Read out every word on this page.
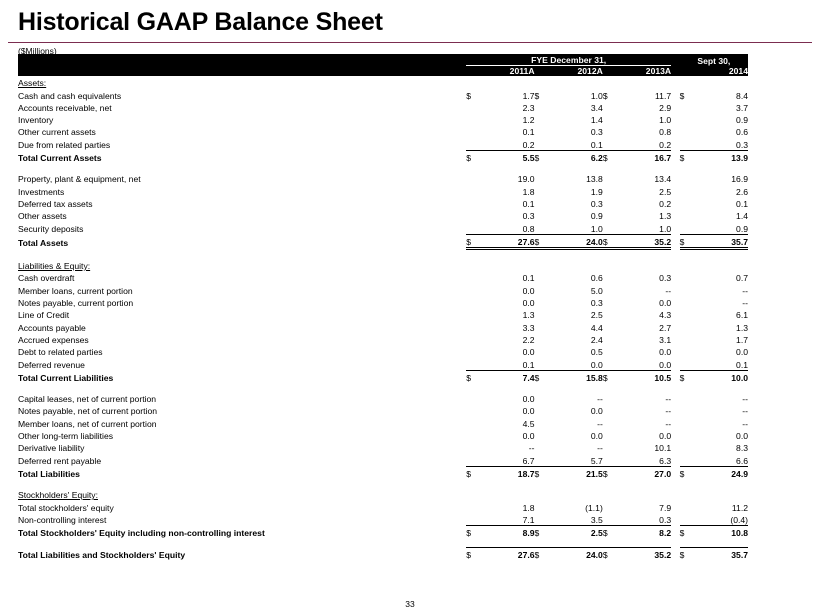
Historical GAAP Balance Sheet
($Millions)
	FYE December 31,							Sept 30,	
	2011A		2012A		2013A			2014	
Assets:									
Cash and cash equivalents	$	1.7	$	1.0	$	11.7		$	8.4
Accounts receivable, net		2.3		3.4		2.9			3.7
Inventory		1.2		1.4		1.0			0.9
Other current assets		0.1		0.3		0.8			0.6
Due from related parties		0.2		0.1		0.2			0.3
Total Current Assets	$	5.5	$	6.2	$	16.7		$	13.9

Property, plant & equipment, net		19.0		13.8		13.4			16.9
Investments		1.8		1.9		2.5			2.6
Deferred tax assets		0.1		0.3		0.2			0.1
Other assets		0.3		0.9		1.3			1.4
Security deposits		0.8		1.0		1.0			0.9
Total Assets	$	27.6	$	24.0	$	35.2		$	35.7

Liabilities & Equity:									
Cash overdraft		0.1		0.6		0.3			0.7
Member loans, current portion		0.0		5.0		--			--
Notes payable, current portion		0.0		0.3		0.0			--
Line of Credit		1.3		2.5		4.3			6.1
Accounts payable		3.3		4.4		2.7			1.3
Accrued expenses		2.2		2.4		3.1			1.7
Debt to related parties		0.0		0.5		0.0			0.0
Deferred revenue		0.1		0.0		0.0			0.1
Total Current Liabilities	$	7.4	$	15.8	$	10.5		$	10.0

Capital leases, net of current portion		0.0		--		--			--
Notes payable, net of current portion		0.0		0.0		--			--
Member loans, net of current portion		4.5		--		--			--
Other long-term liabilities		0.0		0.0		0.0			0.0
Derivative liability		--		--		10.1			8.3
Deferred rent payable		6.7		5.7		6.3			6.6
Total Liabilities	$	18.7	$	21.5	$	27.0		$	24.9

Stockholders' Equity:									
Total stockholders' equity		1.8		(1.1)		7.9			11.2
Non-controlling interest		7.1		3.5		0.3			(0.4)
Total Stockholders' Equity including non-controlling interest	$	8.9	$	2.5	$	8.2		$	10.8

Total Liabilities and Stockholders' Equity	$	27.6	$	24.0	$	35.2		$	35.7
33
